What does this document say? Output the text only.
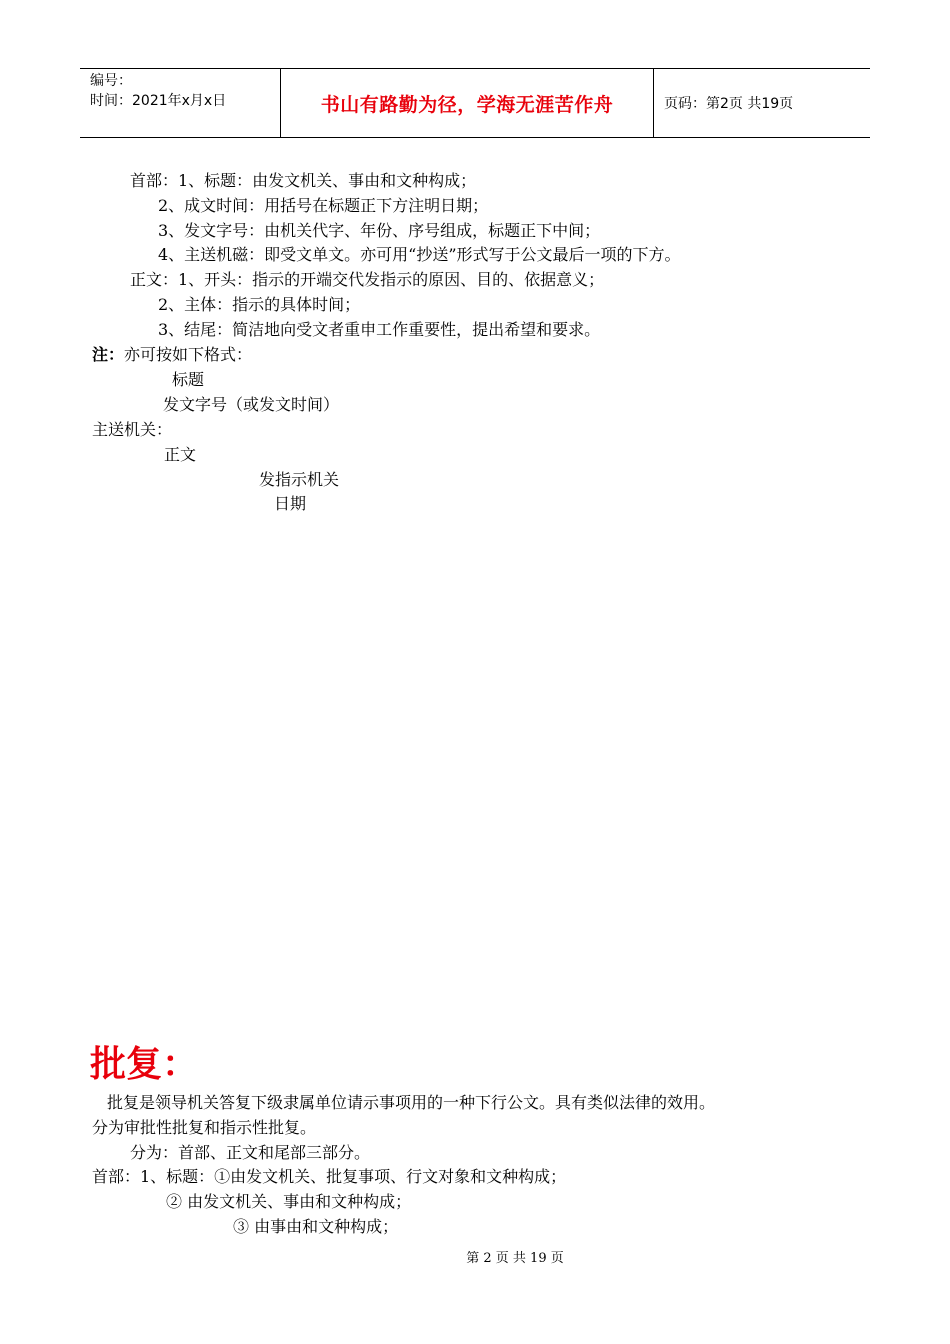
编号：
时间：2021年x月x日	书山有路勤为径，学海无涯苦作舟	页码：第2页 共19页
首部：1、标题：由发文机关、事由和文种构成；
2、成文时间：用括号在标题正下方注明日期；
3、发文字号：由机关代字、年份、序号组成，标题正下中间；
4、主送机磁：即受文单文。亦可用“抄送”形式写于公文最后一项的下方。
正文：1、开头：指示的开端交代发指示的原因、目的、依据意义；
2、主体：指示的具体时间；
3、结尾：简洁地向受文者重申工作重要性，提出希望和要求。
注：亦可按如下格式：
标题
发文字号（或发文时间）
主送机关：
正文
发指示机关
日期
批复：
批复是领导机关答复下级隶属单位请示事项用的一种下行公文。具有类似法律的效用。
分为审批性批复和指示性批复。
分为：首部、正文和尾部三部分。
首部：1、标题：①由发文机关、批复事项、行文对象和文种构成；
② 由发文机关、事由和文种构成；
③ 由事由和文种构成；
第 2 页 共 19 页
